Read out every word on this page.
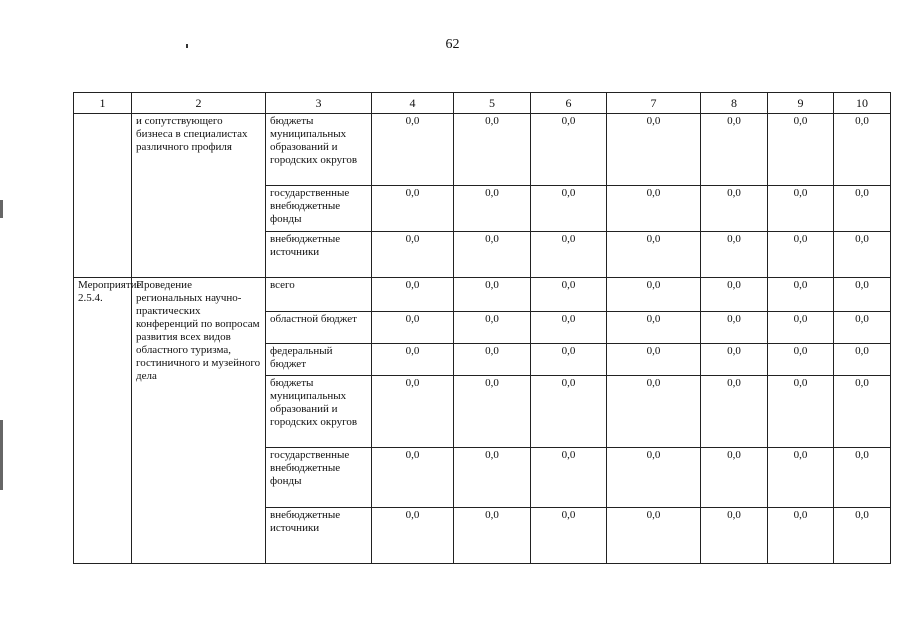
62
1	2	3	4	5	6	7	8	9	10
	и сопутствующего бизнеса в специалистах различного профиля	бюджеты муниципальных образований и городских округов	0,0	0,0	0,0	0,0	0,0	0,0	0,0
		государственные внебюджетные фонды	0,0	0,0	0,0	0,0	0,0	0,0	0,0
		внебюджетные источники	0,0	0,0	0,0	0,0	0,0	0,0	0,0
Мероприятие 2.5.4.	Проведение региональных научно-практических конференций по вопросам развития всех видов областного туризма, гостиничного и музейного дела	всего	0,0	0,0	0,0	0,0	0,0	0,0	0,0
		областной бюджет	0,0	0,0	0,0	0,0	0,0	0,0	0,0
		федеральный бюджет	0,0	0,0	0,0	0,0	0,0	0,0	0,0
		бюджеты муниципальных образований и городских округов	0,0	0,0	0,0	0,0	0,0	0,0	0,0
		государственные внебюджетные фонды	0,0	0,0	0,0	0,0	0,0	0,0	0,0
		внебюджетные источники	0,0	0,0	0,0	0,0	0,0	0,0	0,0
